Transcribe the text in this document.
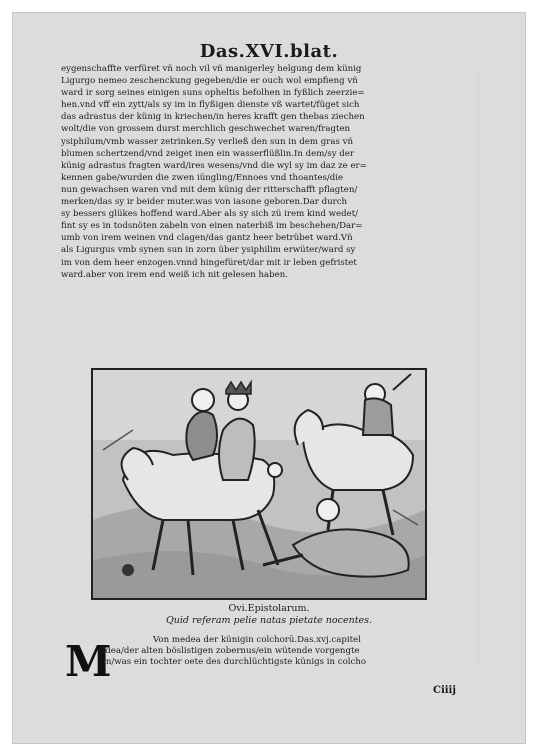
Das.XVI.blat.
eygenschaffte verfüret vñ noch vil vñ manigerley helgung dem künig
Ligurgo nemeo zeschenckung gegeben/die er ouch wol empfieng vñ
ward ir sorg seines einigen suns opheltis befolhen in fyßlich zeerzie=
hen.vnd vff ein zytt/als sy im in flyßigen dienste vß wartet/füget sich
das adrastus der künig in kriechen/in heres krafft gen thebas ziechen
wolt/die von grossem durst merchlich geschwechet waren/fragten
ysiphilum/vmb wasser zetrinken.Sy verließ den sun in dem gras vñ
blumen schertzend/vnd zeiget inen ein wasserflüßlin.In dem/sy der
künig adrastus fragten ward/ires wesens/vnd die wyl sy im daz ze er=
kennen gabe/wurden die zwen iüngling/Ennoes vnd thoantes/die
nun gewachsen waren vnd mit dem künig der ritterschafft pflagten/
merken/das sy ir beider muter.was von iasone geboren.Dar durch
sy bessers glükes hoffend ward.Aber als sy sich zü irem kind wedet/
fint sy es in todsnöten zabeln von einen naterbiß im beschehen/Dar=
umb von irem weinen vnd clagen/das gantz heer betrübet ward.Vñ
als Ligurgus vmb synen sun in zorn über ysiphilim erwüter/ward sy
im von dem heer enzogen.vnnd hingefüret/dar mit ir leben gefristet
ward.aber von irem end weiß ich nit gelesen haben.
Ovi.Epistolarum.
Quid referam pelie natas pietate nocentes.
Von medea der künigin colchorū.Das.xvj.capitel
M
Edea/der alten böslistigen zobernus/ein wütende vorgengte
rin/was ein tochter oete des durchlüchtigste künigs in colcho
Ciiij
